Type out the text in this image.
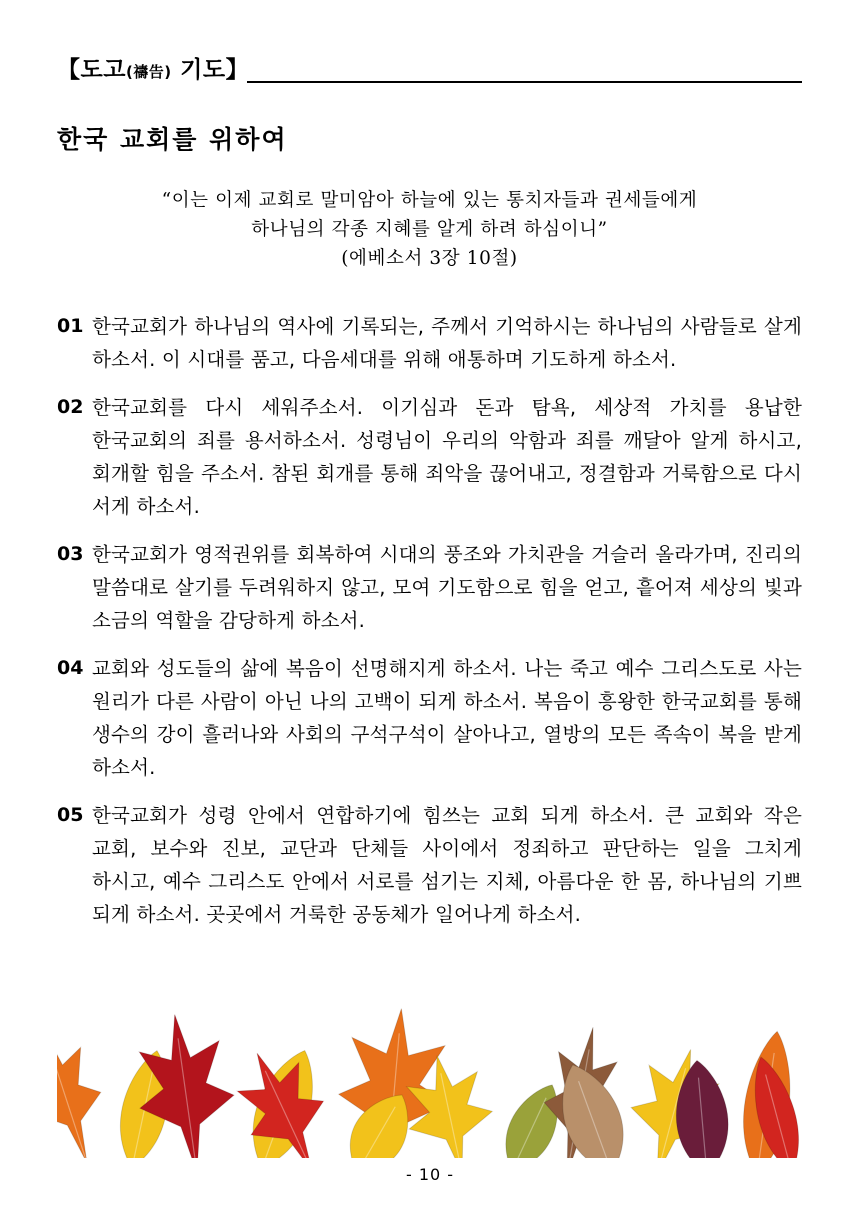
【도고(禱告) 기도】
한국 교회를 위하여
“이는 이제 교회로 말미암아 하늘에 있는 통치자들과 권세들에게
하나님의 각종 지혜를 알게 하려 하심이니”
(에베소서 3장 10절)
01 한국교회가 하나님의 역사에 기록되는, 주께서 기억하시는 하나님의 사람들로 살게 하소서. 이 시대를 품고, 다음세대를 위해 애통하며 기도하게 하소서.
02 한국교회를 다시 세워주소서. 이기심과 돈과 탐욕, 세상적 가치를 용납한 한국교회의 죄를 용서하소서. 성령님이 우리의 악함과 죄를 깨달아 알게 하시고, 회개할 힘을 주소서. 참된 회개를 통해 죄악을 끊어내고, 정결함과 거룩함으로 다시 서게 하소서.
03 한국교회가 영적권위를 회복하여 시대의 풍조와 가치관을 거슬러 올라가며, 진리의 말씀대로 살기를 두려워하지 않고, 모여 기도함으로 힘을 얻고, 흩어져 세상의 빛과 소금의 역할을 감당하게 하소서.
04 교회와 성도들의 삶에 복음이 선명해지게 하소서. 나는 죽고 예수 그리스도로 사는 원리가 다른 사람이 아닌 나의 고백이 되게 하소서. 복음이 흥왕한 한국교회를 통해 생수의 강이 흘러나와 사회의 구석구석이 살아나고, 열방의 모든 족속이 복을 받게 하소서.
05 한국교회가 성령 안에서 연합하기에 힘쓰는 교회 되게 하소서. 큰 교회와 작은 교회, 보수와 진보, 교단과 단체들 사이에서 정죄하고 판단하는 일을 그치게 하시고, 예수 그리스도 안에서 서로를 섬기는 지체, 아름다운 한 몸, 하나님의 기쁘 되게 하소서. 곳곳에서 거룩한 공동체가 일어나게 하소서.
- 10 -
